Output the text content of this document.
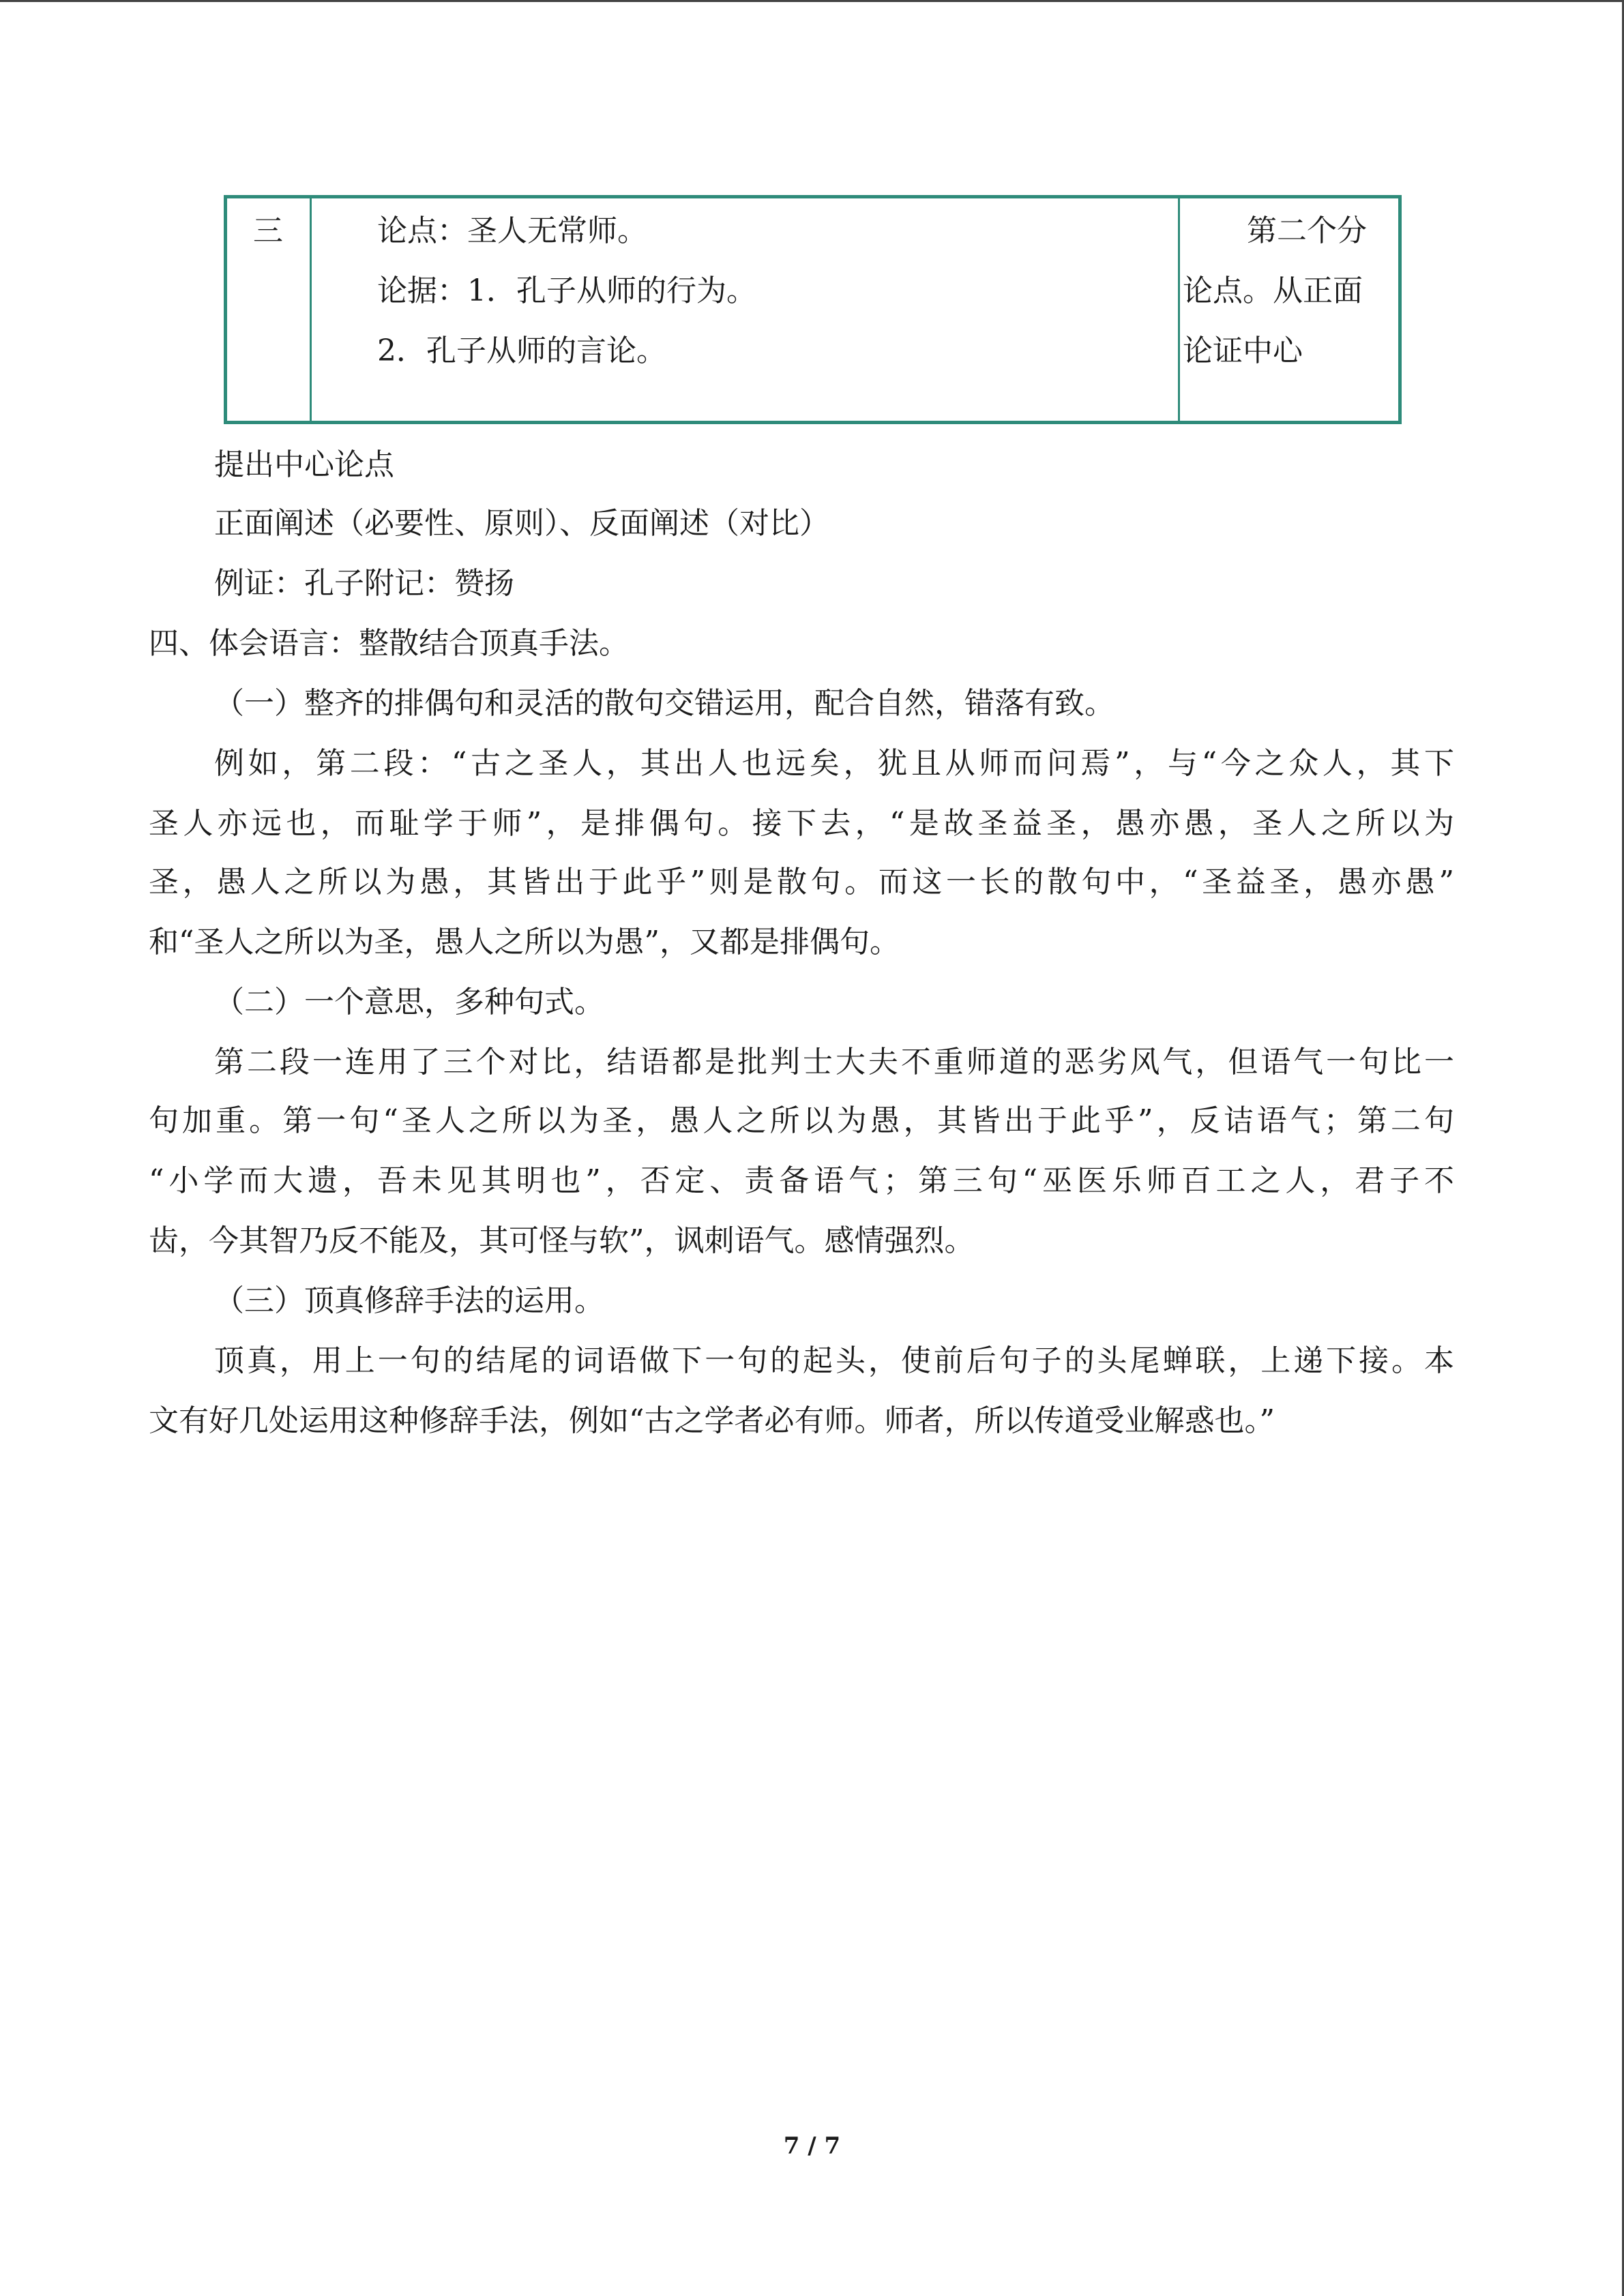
三	论点：圣人无常师。
论据：1．孔子从师的行为。
2．孔子从师的言论。
第二个分
论点。从正面
论证中心
提出中心论点
正面阐述（必要性、原则）、反面阐述（对比）
例证：孔子附记：赞扬
四、体会语言：整散结合顶真手法。
（一）整齐的排偶句和灵活的散句交错运用，配合自然，错落有致。
例如，第二段：“古之圣人，其出人也远矣，犹且从师而问焉”，与“今之众人，其下
圣人亦远也，而耻学于师”，是排偶句。接下去，“是故圣益圣，愚亦愚，圣人之所以为
圣，愚人之所以为愚，其皆出于此乎”则是散句。而这一长的散句中，“圣益圣，愚亦愚”
和“圣人之所以为圣，愚人之所以为愚”，又都是排偶句。
（二）一个意思，多种句式。
第二段一连用了三个对比，结语都是批判士大夫不重师道的恶劣风气，但语气一句比一
句加重。第一句“圣人之所以为圣，愚人之所以为愚，其皆出于此乎”，反诘语气；第二句
“小学而大遗，吾未见其明也”，否定、责备语气；第三句“巫医乐师百工之人，君子不
齿，今其智乃反不能及，其可怪与软”，讽刺语气。感情强烈。
（三）顶真修辞手法的运用。
顶真，用上一句的结尾的词语做下一句的起头，使前后句子的头尾蝉联，上递下接。本
文有好几处运用这种修辞手法，例如“古之学者必有师。师者，所以传道受业解惑也。”
7 / 7
